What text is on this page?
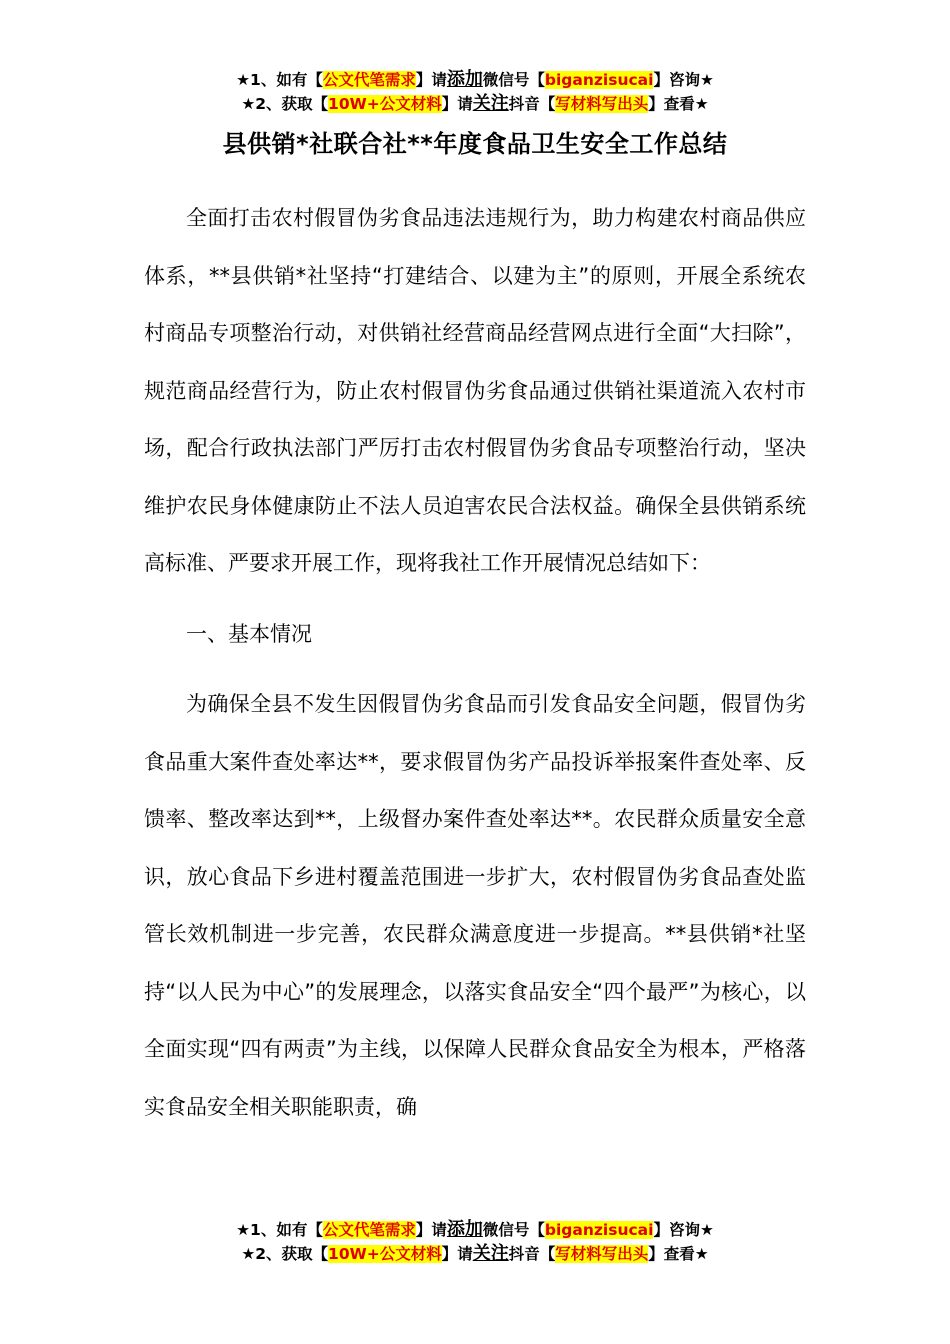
★1、如有【公文代笔需求】请添加微信号【biganzisucai】咨询★
★2、获取【10W+公文材料】请关注抖音【写材料写出头】查看★
县供销*社联合社**年度食品卫生安全工作总结

全面打击农村假冒伪劣食品违法违规行为，助力构建农村商品供应体系，**县供销*社坚持“打建结合、以建为主”的原则，开展全系统农村商品专项整治行动，对供销社经营商品经营网点进行全面“大扫除”，规范商品经营行为，防止农村假冒伪劣食品通过供销社渠道流入农村市场，配合行政执法部门严厉打击农村假冒伪劣食品专项整治行动，坚决维护农民身体健康防止不法人员迫害农民合法权益。确保全县供销系统高标准、严要求开展工作，现将我社工作开展情况总结如下：

一、基本情况

为确保全县不发生因假冒伪劣食品而引发食品安全问题，假冒伪劣食品重大案件查处率达**，要求假冒伪劣产品投诉举报案件查处率、反馈率、整改率达到**，上级督办案件查处率达**。农民群众质量安全意识，放心食品下乡进村覆盖范围进一步扩大，农村假冒伪劣食品查处监管长效机制进一步完善，农民群众满意度进一步提高。**县供销*社坚持“以人民为中心”的发展理念，以落实食品安全“四个最严”为核心，以全面实现“四有两责”为主线，以保障人民群众食品安全为根本，严格落实食品安全相关职能职责，确

★1、如有【公文代笔需求】请添加微信号【biganzisucai】咨询★
★2、获取【10W+公文材料】请关注抖音【写材料写出头】查看★
